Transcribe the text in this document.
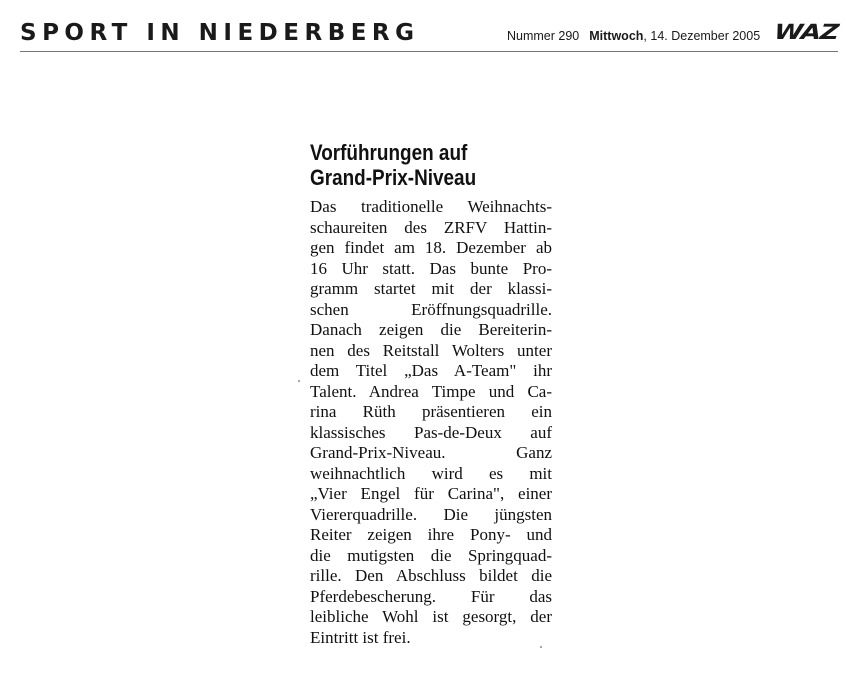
SPORT IN NIEDERBERG	Nummer 290 Mittwoch, 14. Dezember 2005 WAZ
Vorführungen auf
Grand-Prix-Niveau
Das traditionelle Weihnachts-
schaureiten des ZRFV Hattin-
gen findet am 18. Dezember ab
16 Uhr statt. Das bunte Pro-
gramm startet mit der klassi-
schen Eröffnungsquadrille.
Danach zeigen die Bereiterin-
nen des Reitstall Wolters unter
dem Titel „Das A-Team" ihr
Talent. Andrea Timpe und Ca-
rina Rüth präsentieren ein
klassisches Pas-de-Deux auf
Grand-Prix-Niveau. Ganz
weihnachtlich wird es mit
„Vier Engel für Carina", einer
Viererquadrille. Die jüngsten
Reiter zeigen ihre Pony- und
die mutigsten die Springquad-
rille. Den Abschluss bildet die
Pferdebescherung. Für das
leibliche Wohl ist gesorgt, der
Eintritt ist frei.
